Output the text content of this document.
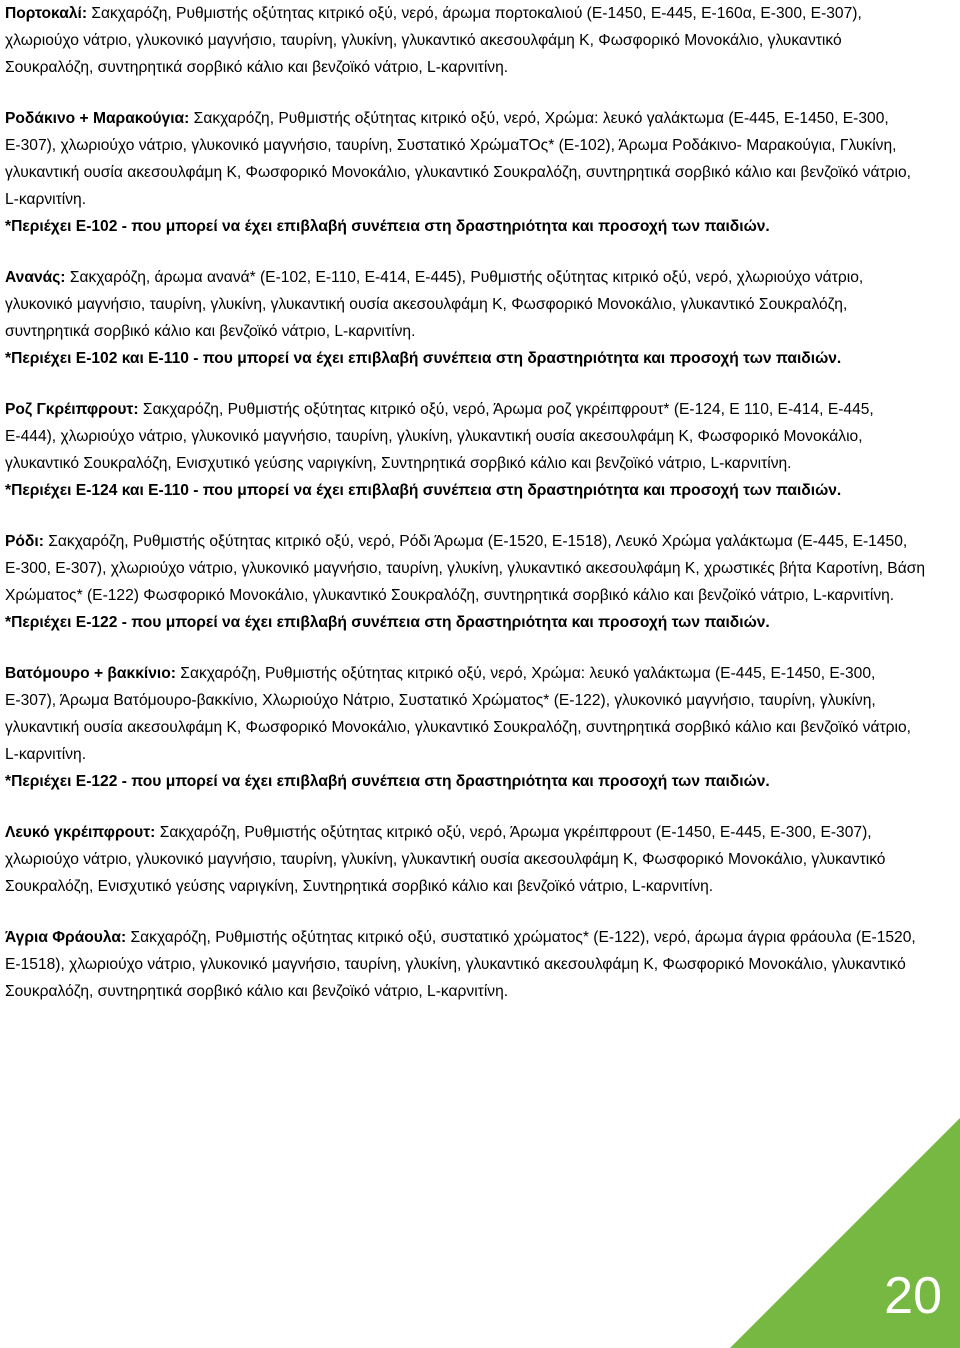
Πορτοκαλί: Σακχαρόζη, Ρυθμιστής οξύτητας κιτρικό οξύ, νερό, άρωμα πορτοκαλιού (Ε-1450, Ε-445, Ε-160α, Ε-300, Ε-307), χλωριούχο νάτριο, γλυκονικό μαγνήσιο, ταυρίνη, γλυκίνη, γλυκαντικό ακεσουλφάμη Κ, Φωσφορικό Μονοκάλιο, γλυκαντικό Σουκραλόζη, συντηρητικά σορβικό κάλιο και βενζοϊκό νάτριο, L-καρνιτίνη.

Ροδάκινο + Μαρακούγια: Σακχαρόζη, Ρυθμιστής οξύτητας κιτρικό οξύ, νερό, Χρώμα: λευκό γαλάκτωμα (Ε-445, Ε-1450, Ε-300, Ε-307), χλωριούχο νάτριο, γλυκονικό μαγνήσιο, ταυρίνη, Συστατικό ΧρώμαΤΟς* (Ε-102), Άρωμα Ροδάκινο- Μαρακούγια, Γλυκίνη, γλυκαντική ουσία ακεσουλφάμη Κ, Φωσφορικό Μονοκάλιο, γλυκαντικό Σουκραλόζη, συντηρητικά σορβικό κάλιο και βενζοϊκό νάτριο, L-καρνιτίνη.

*Περιέχει Ε-102 - που μπορεί να έχει επιβλαβή συνέπεια στη δραστηριότητα και προσοχή των παιδιών.

Ανανάς: Σακχαρόζη, άρωμα ανανά* (Ε-102, Ε-110, Ε-414, Ε-445), Ρυθμιστής οξύτητας κιτρικό οξύ, νερό, χλωριούχο νάτριο, γλυκονικό μαγνήσιο, ταυρίνη, γλυκίνη, γλυκαντική ουσία ακεσουλφάμη Κ, Φωσφορικό Μονοκάλιο, γλυκαντικό Σουκραλόζη, συντηρητικά σορβικό κάλιο και βενζοϊκό νάτριο, L-καρνιτίνη.

*Περιέχει Ε-102 και Ε-110 - που μπορεί να έχει επιβλαβή συνέπεια στη δραστηριότητα και προσοχή των παιδιών.

Ροζ Γκρέιπφρουτ: Σακχαρόζη, Ρυθμιστής οξύτητας κιτρικό οξύ, νερό, Άρωμα ροζ γκρέιπφρουτ* (Ε-124, Ε 110, Ε-414, Ε-445, Ε-444), χλωριούχο νάτριο, γλυκονικό μαγνήσιο, ταυρίνη, γλυκίνη, γλυκαντική ουσία ακεσουλφάμη Κ, Φωσφορικό Μονοκάλιο, γλυκαντικό Σουκραλόζη, Ενισχυτικό γεύσης ναριγκίνη, Συντηρητικά σορβικό κάλιο και βενζοϊκό νάτριο, L-καρνιτίνη.

*Περιέχει Ε-124 και Ε-110 - που μπορεί να έχει επιβλαβή συνέπεια στη δραστηριότητα και προσοχή των παιδιών.

Ρόδι: Σακχαρόζη, Ρυθμιστής οξύτητας κιτρικό οξύ, νερό, Ρόδι Άρωμα (Ε-1520, Ε-1518), Λευκό Χρώμα γαλάκτωμα (Ε-445, Ε-1450, Ε-300, Ε-307), χλωριούχο νάτριο, γλυκονικό μαγνήσιο, ταυρίνη, γλυκίνη, γλυκαντικό ακεσουλφάμη Κ, χρωστικές βήτα Καροτίνη, Βάση Χρώματος* (Ε-122) Φωσφορικό Μονοκάλιο, γλυκαντικό Σουκραλόζη, συντηρητικά σορβικό κάλιο και βενζοϊκό νάτριο, L-καρνιτίνη.

*Περιέχει Ε-122 - που μπορεί να έχει επιβλαβή συνέπεια στη δραστηριότητα και προσοχή των παιδιών.

Βατόμουρο + βακκίνιο: Σακχαρόζη, Ρυθμιστής οξύτητας κιτρικό οξύ, νερό, Χρώμα: λευκό γαλάκτωμα (Ε-445, Ε-1450, Ε-300, Ε-307), Άρωμα Βατόμουρο-βακκίνιο, Χλωριούχο Νάτριο, Συστατικό Χρώματος* (Ε-122), γλυκονικό μαγνήσιο, ταυρίνη, γλυκίνη, γλυκαντική ουσία ακεσουλφάμη Κ, Φωσφορικό Μονοκάλιο, γλυκαντικό Σουκραλόζη, συντηρητικά σορβικό κάλιο και βενζοϊκό νάτριο, L-καρνιτίνη.

*Περιέχει Ε-122 - που μπορεί να έχει επιβλαβή συνέπεια στη δραστηριότητα και προσοχή των παιδιών.

Λευκό γκρέιπφρουτ: Σακχαρόζη, Ρυθμιστής οξύτητας κιτρικό οξύ, νερό, Άρωμα γκρέιπφρουτ (Ε-1450, Ε-445, Ε-300, Ε-307), χλωριούχο νάτριο, γλυκονικό μαγνήσιο, ταυρίνη, γλυκίνη, γλυκαντική ουσία ακεσουλφάμη Κ, Φωσφορικό Μονοκάλιο, γλυκαντικό Σουκραλόζη, Ενισχυτικό γεύσης ναριγκίνη, Συντηρητικά σορβικό κάλιο και βενζοϊκό νάτριο, L-καρνιτίνη.

Άγρια Φράουλα: Σακχαρόζη, Ρυθμιστής οξύτητας κιτρικό οξύ, συστατικό χρώματος* (Ε-122), νερό, άρωμα άγρια φράουλα (Ε-1520, Ε-1518), χλωριούχο νάτριο, γλυκονικό μαγνήσιο, ταυρίνη, γλυκίνη, γλυκαντικό ακεσουλφάμη Κ, Φωσφορικό Μονοκάλιο, γλυκαντικό Σουκραλόζη, συντηρητικά σορβικό κάλιο και βενζοϊκό νάτριο, L-καρνιτίνη.

20
